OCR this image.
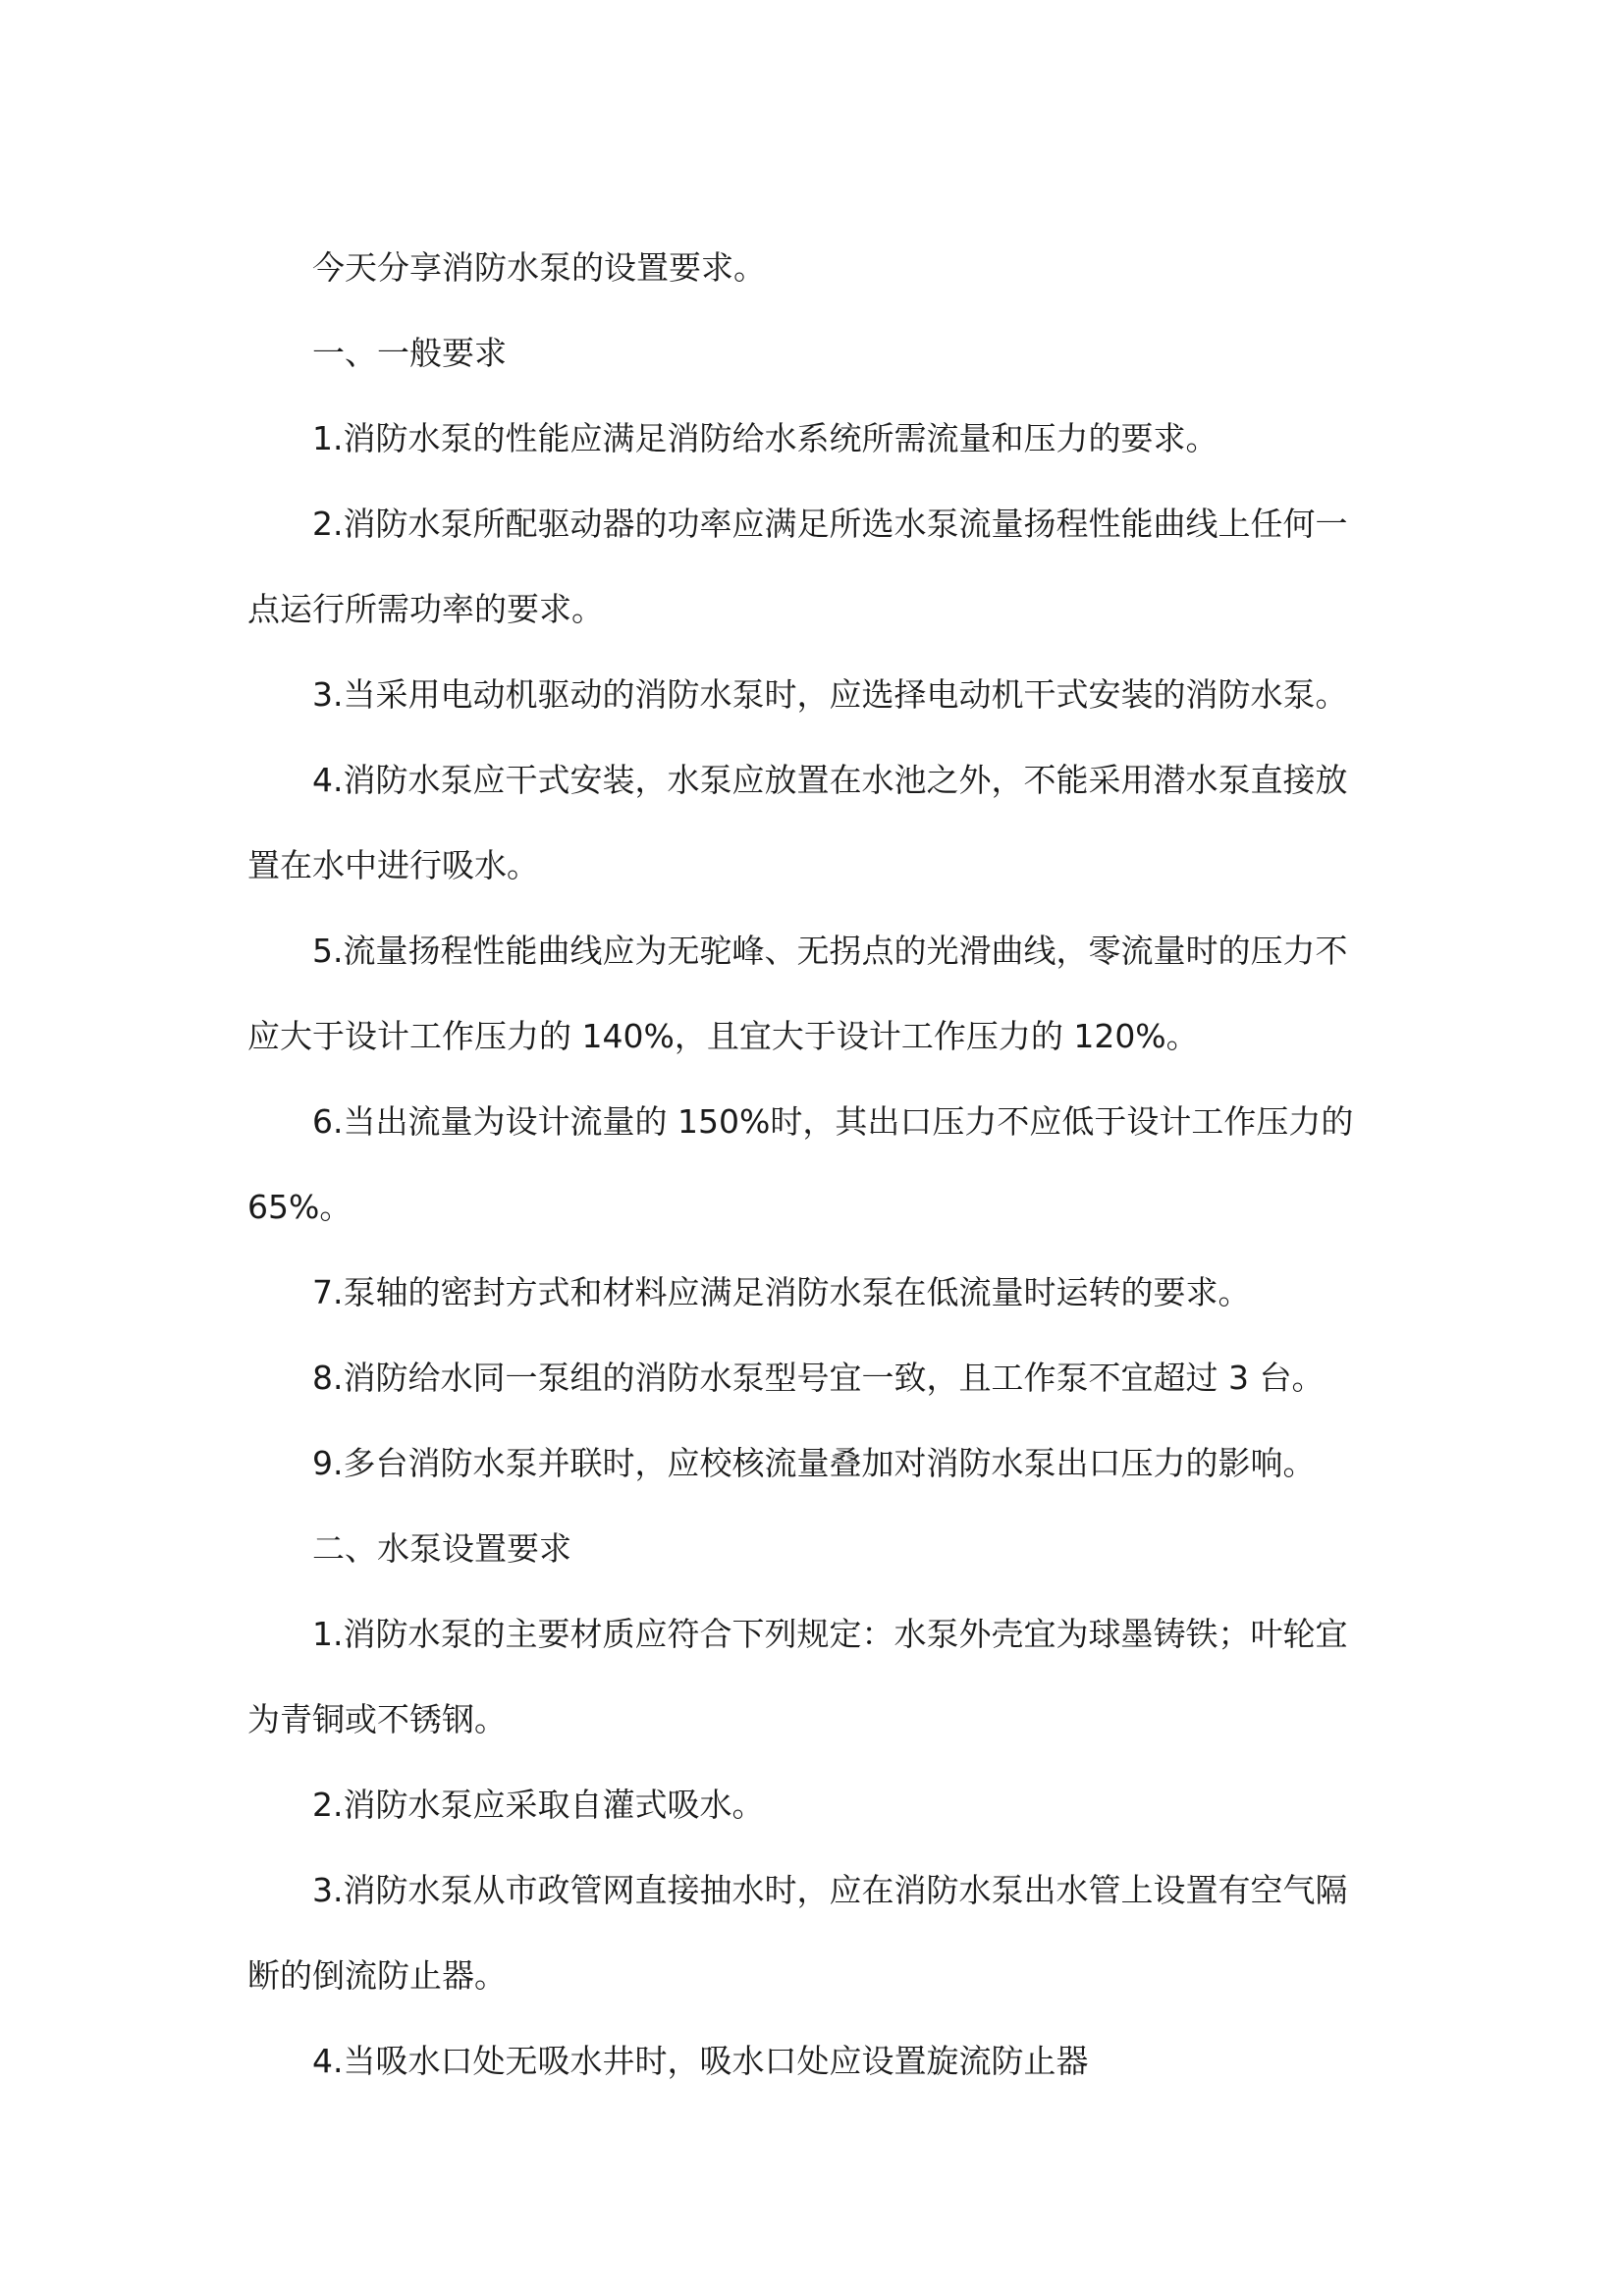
今天分享消防水泵的设置要求。

一、一般要求

1.消防水泵的性能应满足消防给水系统所需流量和压力的要求。

2.消防水泵所配驱动器的功率应满足所选水泵流量扬程性能曲线上任何一点运行所需功率的要求。

3.当采用电动机驱动的消防水泵时，应选择电动机干式安装的消防水泵。

4.消防水泵应干式安装，水泵应放置在水池之外，不能采用潜水泵直接放置在水中进行吸水。

5.流量扬程性能曲线应为无驼峰、无拐点的光滑曲线，零流量时的压力不应大于设计工作压力的 140%，且宜大于设计工作压力的 120%。

6.当出流量为设计流量的 150%时，其出口压力不应低于设计工作压力的 65%。

7.泵轴的密封方式和材料应满足消防水泵在低流量时运转的要求。

8.消防给水同一泵组的消防水泵型号宜一致，且工作泵不宜超过 3 台。

9.多台消防水泵并联时，应校核流量叠加对消防水泵出口压力的影响。

二、水泵设置要求

1.消防水泵的主要材质应符合下列规定：水泵外壳宜为球墨铸铁；叶轮宜为青铜或不锈钢。

2.消防水泵应采取自灌式吸水。

3.消防水泵从市政管网直接抽水时，应在消防水泵出水管上设置有空气隔断的倒流防止器。

4.当吸水口处无吸水井时，吸水口处应设置旋流防止器
